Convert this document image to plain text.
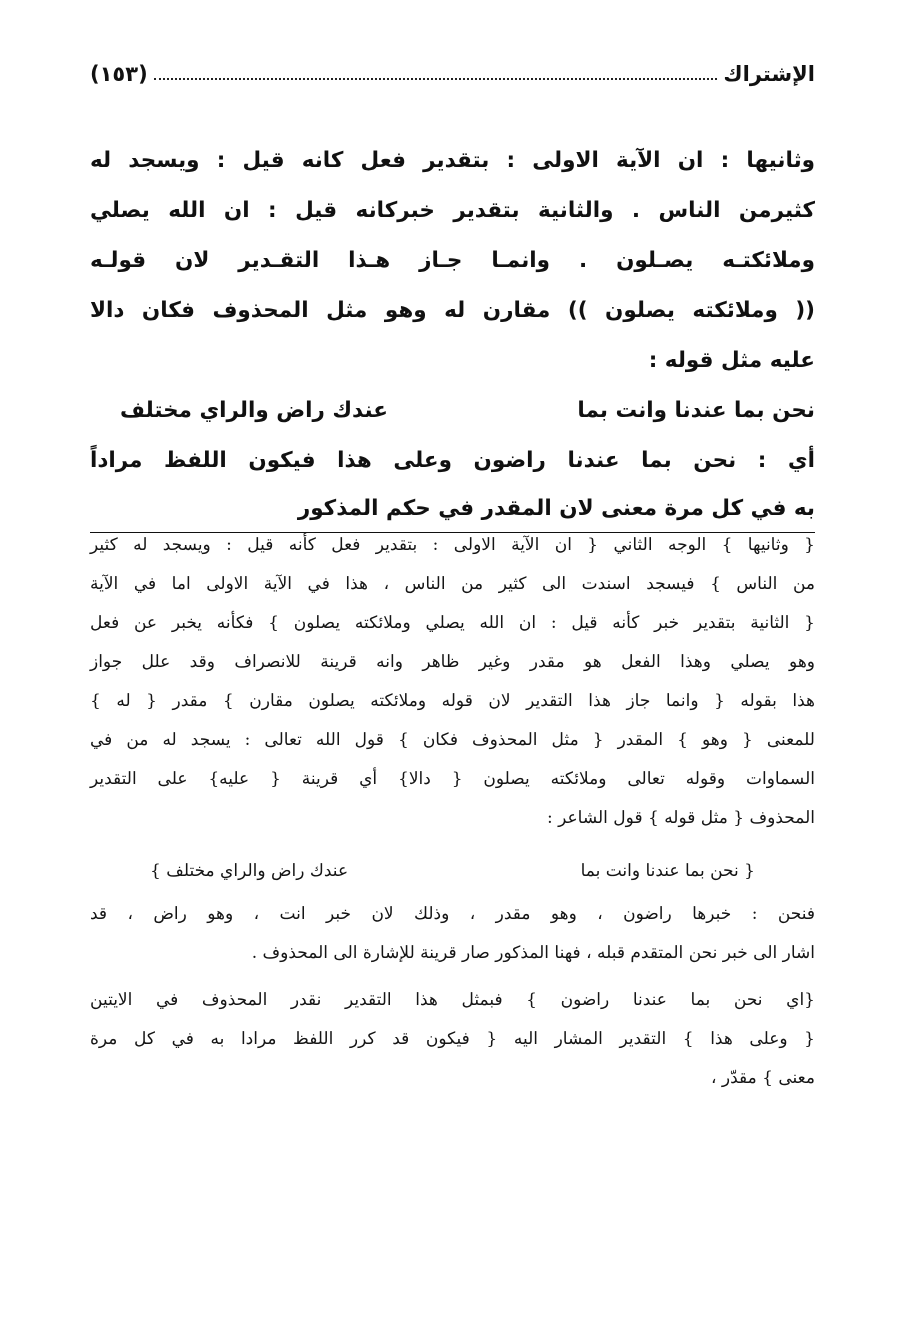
الإشتراك
(١٥٣)
وثانيها : ان الآية الاولى : بتقدير فعل كانه قيل : ويسجد له
كثيرمن الناس . والثانية بتقدير خبركانه قيل : ان الله يصلي
وملائكتـه يصـلون . وانمـا جـاز هـذا التقـدير لان قولـه
(( وملائكته يصلون )) مقارن له وهو مثل المحذوف فكان دالا
عليه مثل قوله :
نحن بما عندنا وانت بما
عندك راض والراي مختلف
أي : نحن بما عندنا راضون وعلى هذا فيكون اللفظ مراداً
به في كل مرة معنى لان المقدر في حكم المذكور
{ وثانيها } الوجه الثاني { ان الآية الاولى : بتقدير فعل كأنه قيل : ويسجد له كثير
من الناس } فيسجد اسندت الى كثير من الناس ، هذا في الآية الاولى اما في الآية
{ الثانية بتقدير خبر كأنه قيل : ان الله يصلي وملائكته يصلون } فكأنه يخبر عن فعل
وهو يصلي وهذا الفعل هو مقدر وغير ظاهر وانه قرينة للانصراف وقد علل جواز
هذا بقوله { وانما جاز هذا التقدير لان قوله وملائكته يصلون مقارن } مقدر { له }
للمعنى { وهو } المقدر { مثل المحذوف فكان } قول الله تعالى : يسجد له من في
السماوات وقوله تعالى وملائكته يصلون { دالا} أي قرينة { عليه} على التقدير
المحذوف { مثل قوله } قول الشاعر :
{ نحن بما عندنا وانت بما
عندك راض والراي مختلف }
فنحن : خبرها راضون ، وهو مقدر ، وذلك لان خبر انت ، وهو راض ، قد
اشار الى خبر نحن المتقدم قبله ، فهنا المذكور صار قرينة للإشارة الى المحذوف .
{اي نحن بما عندنا راضون } فبمثل هذا التقدير نقدر المحذوف في الايتين
{ وعلى هذا } التقدير المشار اليه { فيكون قد كرر اللفظ مرادا به في كل مرة
معنى } مقدّر ،
